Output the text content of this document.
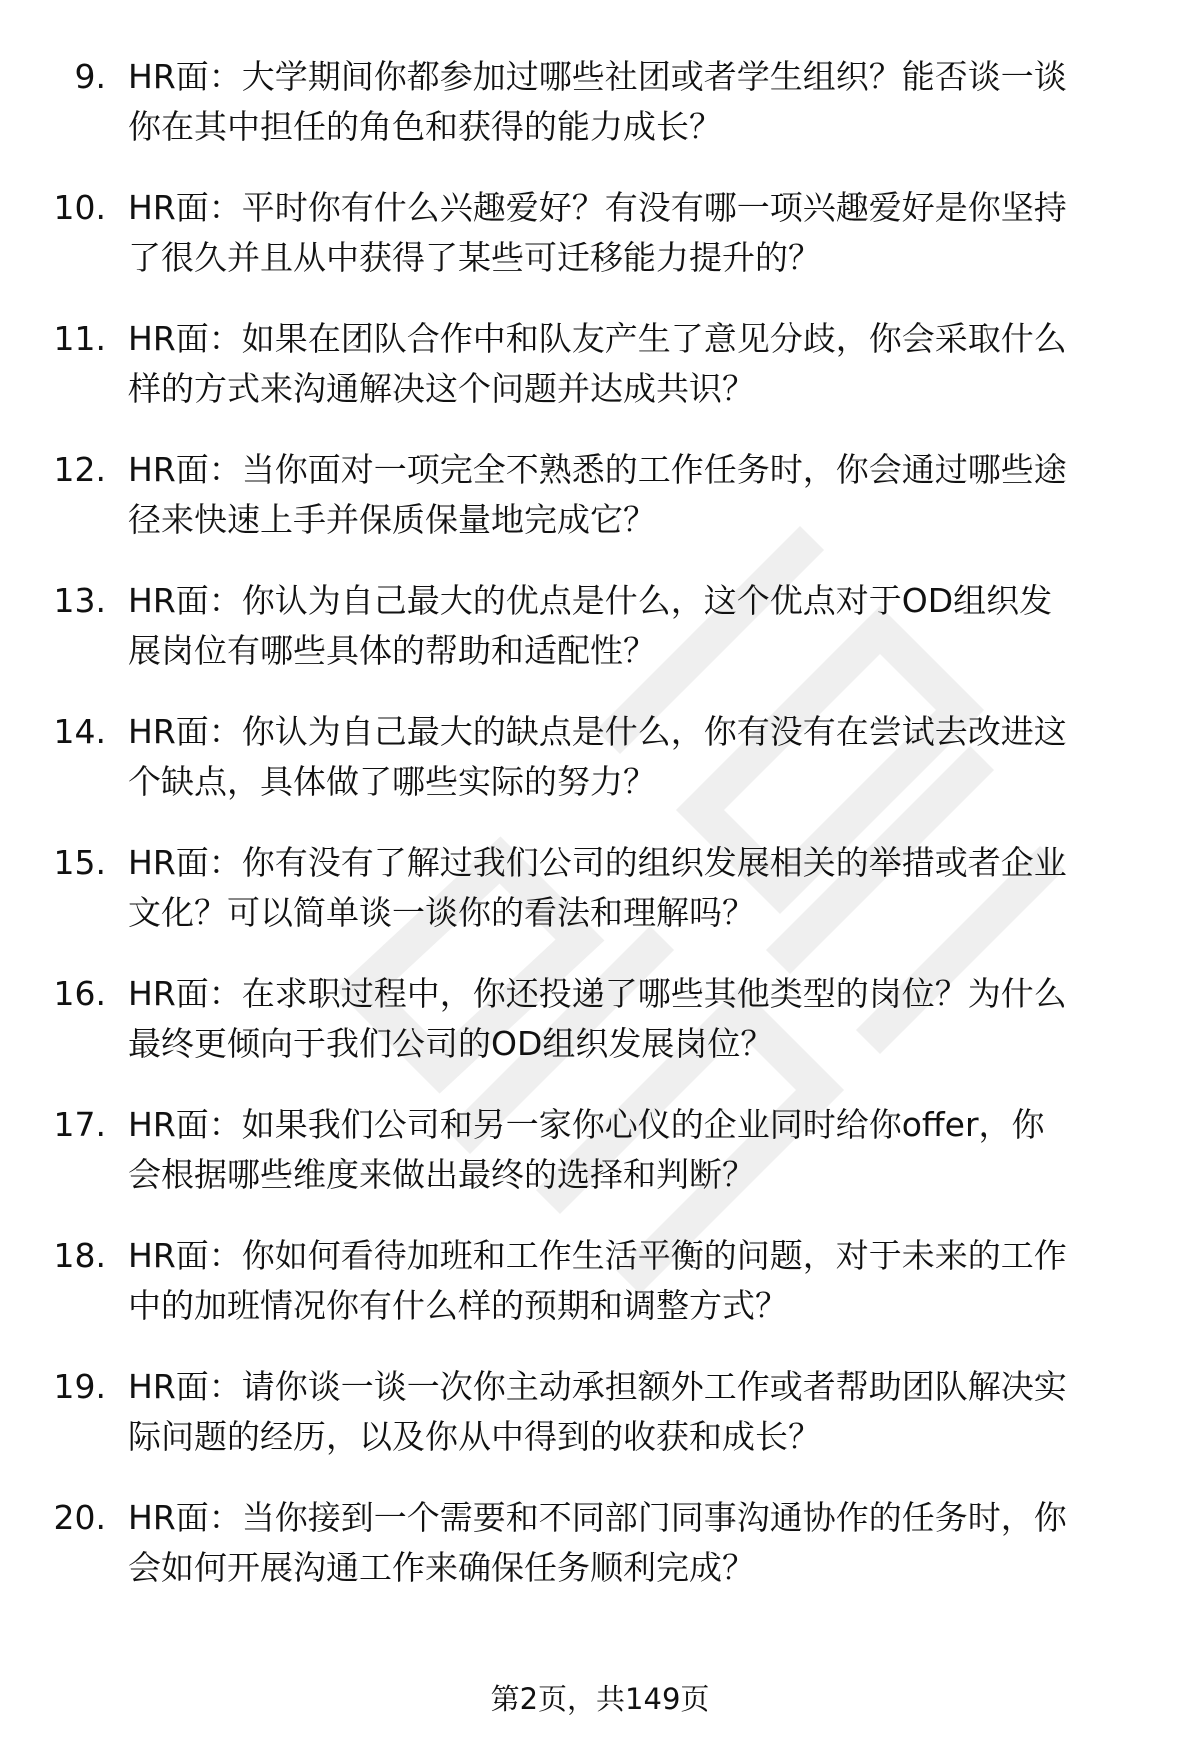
9. HR面：大学期间你都参加过哪些社团或者学生组织？能否谈一谈
你在其中担任的角色和获得的能力成长？
10. HR面：平时你有什么兴趣爱好？有没有哪一项兴趣爱好是你坚持
了很久并且从中获得了某些可迁移能力提升的？
11. HR面：如果在团队合作中和队友产生了意见分歧，你会采取什么
样的方式来沟通解决这个问题并达成共识？
12. HR面：当你面对一项完全不熟悉的工作任务时，你会通过哪些途
径来快速上手并保质保量地完成它？
13. HR面：你认为自己最大的优点是什么，这个优点对于OD组织发
展岗位有哪些具体的帮助和适配性？
14. HR面：你认为自己最大的缺点是什么，你有没有在尝试去改进这
个缺点，具体做了哪些实际的努力？
15. HR面：你有没有了解过我们公司的组织发展相关的举措或者企业
文化？可以简单谈一谈你的看法和理解吗？
16. HR面：在求职过程中，你还投递了哪些其他类型的岗位？为什么
最终更倾向于我们公司的OD组织发展岗位？
17. HR面：如果我们公司和另一家你心仪的企业同时给你offer，你
会根据哪些维度来做出最终的选择和判断？
18. HR面：你如何看待加班和工作生活平衡的问题，对于未来的工作
中的加班情况你有什么样的预期和调整方式？
19. HR面：请你谈一谈一次你主动承担额外工作或者帮助团队解决实
际问题的经历，以及你从中得到的收获和成长？
20. HR面：当你接到一个需要和不同部门同事沟通协作的任务时，你
会如何开展沟通工作来确保任务顺利完成？
第2页，共149页
